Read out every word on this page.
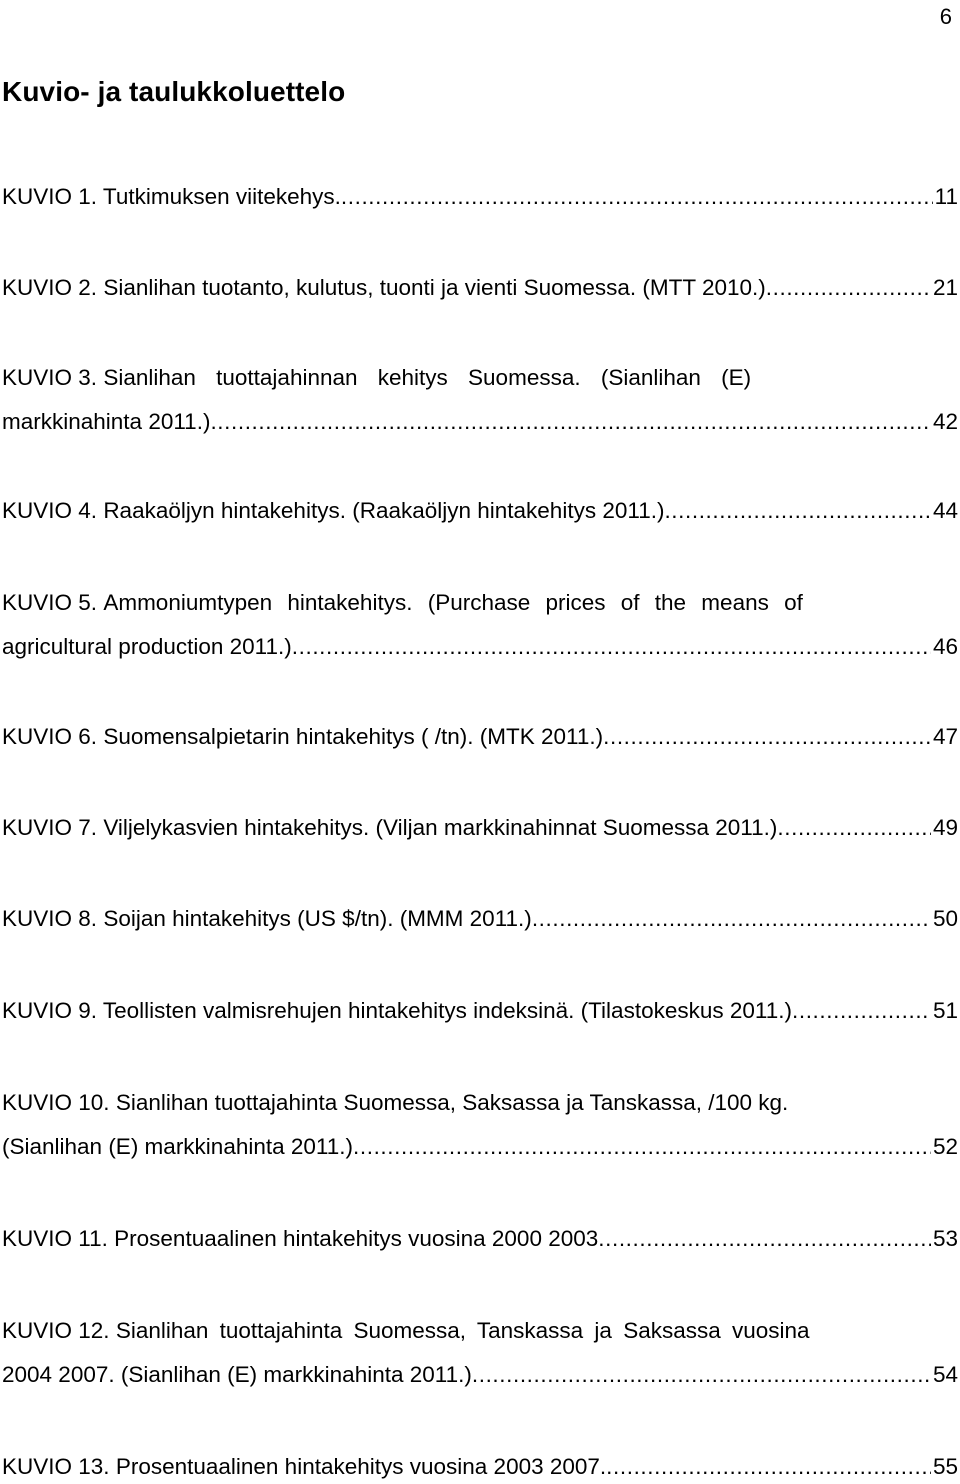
6
Kuvio- ja taulukkoluettelo
KUVIO 1. Tutkimuksen viitekehys. .....	11
KUVIO 2. Sianlihan tuotanto, kulutus, tuonti ja vienti Suomessa. (MTT 2010.) .....	21
KUVIO 3. Sianlihan tuottajahinnan kehitys Suomessa. (Sianlihan (E)
markkinahinta 2011.) .....	42
KUVIO 4. Raakaöljyn hintakehitys. (Raakaöljyn hintakehitys 2011.) .....	44
KUVIO 5. Ammoniumtypen hintakehitys. (Purchase prices of the means of
agricultural production 2011.) .....	46
KUVIO 6. Suomensalpietarin hintakehitys ( /tn). (MTK 2011.) .....	47
KUVIO 7. Viljelykasvien hintakehitys. (Viljan markkinahinnat Suomessa 2011.) .....	49
KUVIO 8. Soijan hintakehitys (US $/tn). (MMM 2011.) .....	50
KUVIO 9. Teollisten valmisrehujen hintakehitys indeksinä. (Tilastokeskus 2011.) .....	51
KUVIO 10. Sianlihan tuottajahinta Suomessa, Saksassa ja Tanskassa, /100 kg.
(Sianlihan (E) markkinahinta 2011.) .....	52
KUVIO 11. Prosentuaalinen hintakehitys vuosina 2000 2003 .....	53
KUVIO 12. Sianlihan tuottajahinta Suomessa, Tanskassa ja Saksassa vuosina
2004 2007. (Sianlihan (E) markkinahinta 2011.) .....	54
KUVIO 13. Prosentuaalinen hintakehitys vuosina 2003 2007. .....	55
